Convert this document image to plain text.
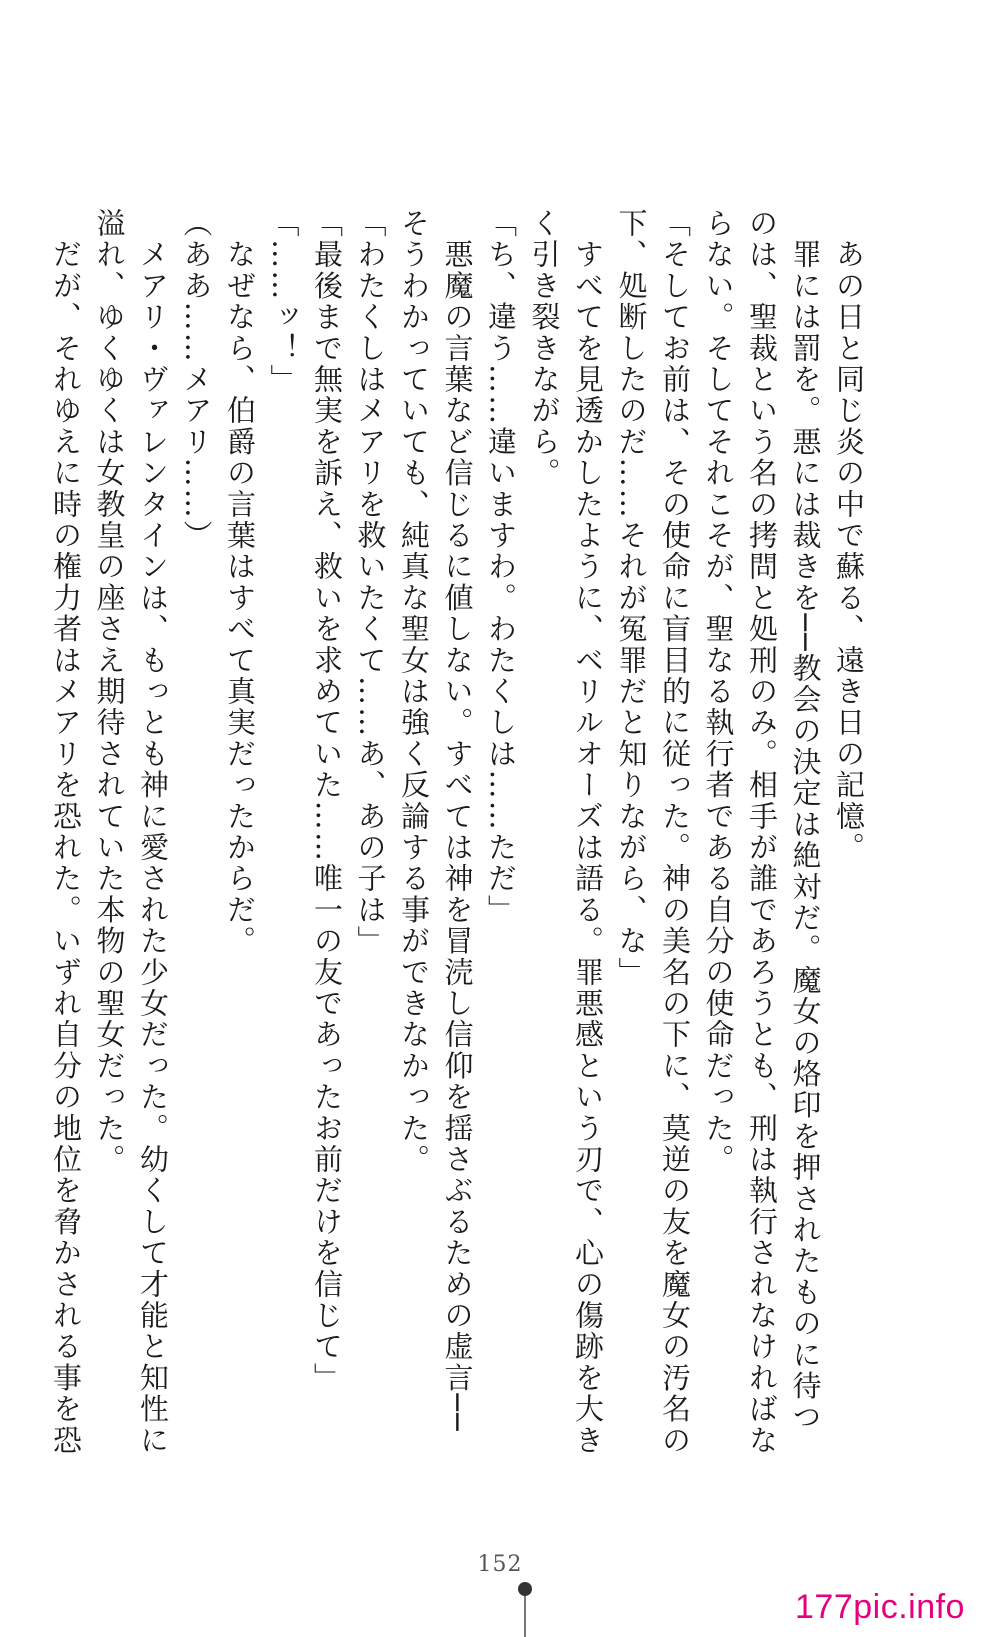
　あの日と同じ炎の中で蘇る、遠き日の記憶。
　罪には罰を。悪には裁きを──教会の決定は絶対だ。魔女の烙印を押されたものに待つ
のは、聖裁という名の拷問と処刑のみ。相手が誰であろうとも、刑は執行されなければな
らない。そしてそれこそが、聖なる執行者である自分の使命だった。
「そしてお前は、その使命に盲目的に従った。神の美名の下に、莫逆の友を魔女の汚名の
下、処断したのだ……それが冤罪だと知りながら、な」
　すべてを見透かしたように、ベリルオーズは語る。罪悪感という刃で、心の傷跡を大き
く引き裂きながら。
「ち、違う……違いますわ。わたくしは……ただ」
　悪魔の言葉など信じるに値しない。すべては神を冒涜し信仰を揺さぶるための虚言──
そうわかっていても、純真な聖女は強く反論する事ができなかった。
「わたくしはメアリを救いたくて……あ、あの子は」
「最後まで無実を訴え、救いを求めていた……唯一の友であったお前だけを信じて」
「……ッ！」
　なぜなら、伯爵の言葉はすべて真実だったからだ。
（ああ……メアリ……）
　メアリ・ヴァレンタインは、もっとも神に愛された少女だった。幼くして才能と知性に
溢れ、ゆくゆくは女教皇の座さえ期待されていた本物の聖女だった。
　だが、それゆえに時の権力者はメアリを恐れた。いずれ自分の地位を脅かされる事を恐
152
177pic.info
